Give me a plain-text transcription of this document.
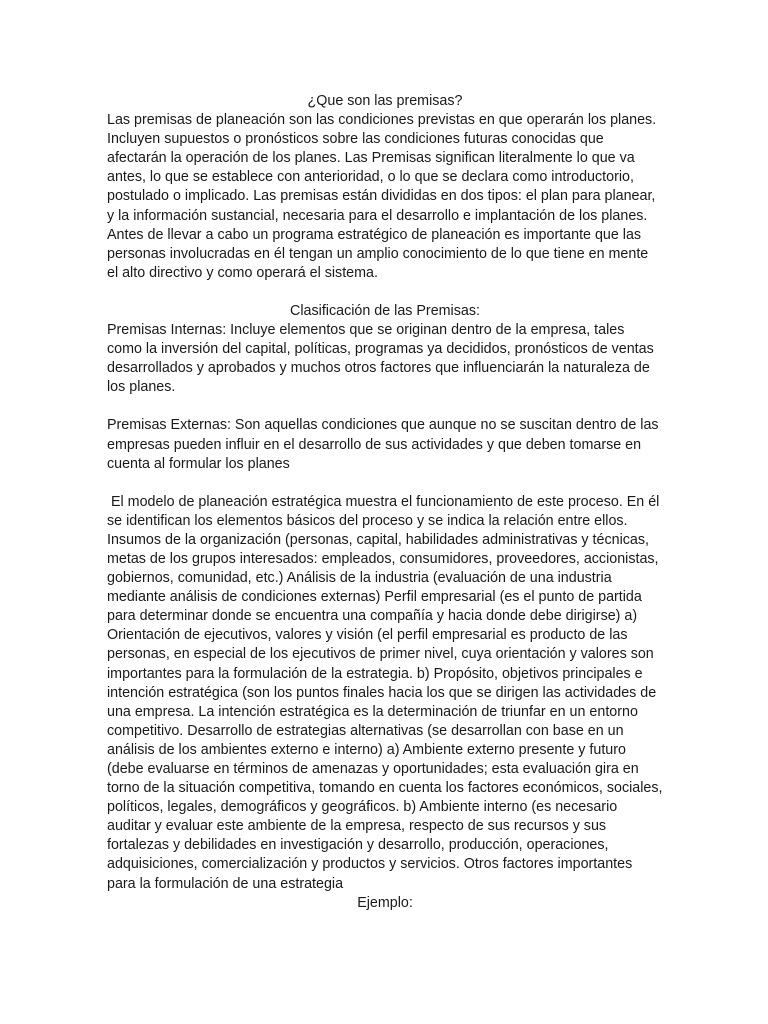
¿Que son las premisas?

Las premisas de planeación son las condiciones previstas en que operarán los planes. Incluyen supuestos o pronósticos sobre las condiciones futuras conocidas que afectarán la operación de los planes. Las Premisas significan literalmente lo que va antes, lo que se establece con anterioridad, o lo que se declara como introductorio, postulado o implicado. Las premisas están divididas en dos tipos: el plan para planear, y la información sustancial, necesaria para el desarrollo e implantación de los planes. Antes de llevar a cabo un programa estratégico de planeación es importante que las personas involucradas en él tengan un amplio conocimiento de lo que tiene en mente el alto directivo y como operará el sistema.

Clasificación de las Premisas:

Premisas Internas: Incluye elementos que se originan dentro de la empresa, tales como la inversión del capital, políticas, programas ya decididos, pronósticos de ventas desarrollados y aprobados y muchos otros factores que influenciarán la naturaleza de los planes.

Premisas Externas: Son aquellas condiciones que aunque no se suscitan dentro de las empresas pueden influir en el desarrollo de sus actividades y que deben tomarse en cuenta al formular los planes

El modelo de planeación estratégica muestra el funcionamiento de este proceso. En él se identifican los elementos básicos del proceso y se indica la relación entre ellos. Insumos de la organización (personas, capital, habilidades administrativas y técnicas, metas de los grupos interesados: empleados, consumidores, proveedores, accionistas, gobiernos, comunidad, etc.) Análisis de la industria (evaluación de una industria mediante análisis de condiciones externas) Perfil empresarial (es el punto de partida para determinar donde se encuentra una compañía y hacia donde debe dirigirse) a) Orientación de ejecutivos, valores y visión (el perfil empresarial es producto de las personas, en especial de los ejecutivos de primer nivel, cuya orientación y valores son importantes para la formulación de la estrategia. b) Propósito, objetivos principales e intención estratégica (son los puntos finales hacia los que se dirigen las actividades de una empresa. La intención estratégica es la determinación de triunfar en un entorno competitivo. Desarrollo de estrategias alternativas (se desarrollan con base en un análisis de los ambientes externo e interno) a) Ambiente externo presente y futuro (debe evaluarse en términos de amenazas y oportunidades; esta evaluación gira en torno de la situación competitiva, tomando en cuenta los factores económicos, sociales, políticos, legales, demográficos y geográficos. b) Ambiente interno (es necesario auditar y evaluar este ambiente de la empresa, respecto de sus recursos y sus fortalezas y debilidades en investigación y desarrollo, producción, operaciones, adquisiciones, comercialización y productos y servicios. Otros factores importantes para la formulación de una estrategia

Ejemplo:
